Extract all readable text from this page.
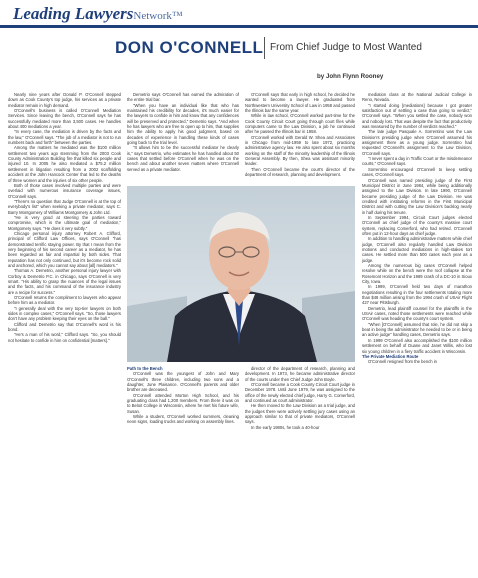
Leading LawyersNetwork™
DON O'CONNELL From Chief Judge to Most Wanted
by John Flynn Rooney

Nearly nine years after Donald P. O'Connell stepped down as Cook County's top judge, his services as a private mediator remain in high demand.

O'Connell's business is called O'Connell Mediation Services. Since leaving the bench, O'Connell says he has successfully mediated more than 3,500 cases. He handles about 400 mediations a year.

"In every case, the mediation is driven by the facts and the law," O'Connell says. "The job of a mediator is not to run numbers back and forth" between the parties.

Among the matters he mediated was the $100 million settlement two years ago stemming from the 2003 Cook County Administration Building fire that killed six people and injured 10. In 2005 he also mediated a $75.2 million settlement in litigation resulting from a 2002 scaffolding accident at the John Hancock Center that led to the deaths of three women and the injuries of six other people.

Both of those cases involved multiple parties and were overlaid with numerous insurance coverage issues, O'Connell says.

"There's no question that Judge O'Connell is at the top of everybody's list" when seeking a private mediator, says C. Barry Montgomery of Williams Montgomery & John Ltd.

"He is very good at steering the parties toward compromise, which is the ultimate goal of mediation," Montgomery says. "He does it very subtly."

Chicago personal injury attorney Robert A. Clifford, principal of Clifford Law Offices, says O'Connell "has demonstrated terrific staying power. By that I mean from the very beginning of his second career as a mediator, he has been regarded as fair and impartial by both sides. That reputation has not only continued, but it's become rock solid and anchored, which you cannot say about [all] mediators."

Thomas A. Demetrio, another personal injury lawyer with Corboy & Demetrio P.C. in Chicago, says O'Connell is very smart. "His ability to grasp the nuances of the legal issues and the facts, and his command of the insurance industry are a recipe for success."

O'Connell returns the compliment to lawyers who appear before him as a mediator.

"I generally deal with the very top-tier lawyers on both sides in complex cases," O'Connell says. "So, those lawyers don't have any problem keeping their eyes on the ball."

Clifford and Demetrio say that O'Connell's word is his bond.

"He's a man of his word," Clifford says. "So, you should not hesitate to confide in him on confidential [matters]."

Demetrio says O'Connell has earned the admiration of the entire trial bar.

"When you have an individual like that who has maintained his credibility for decades, it's much easier for the lawyers to confide in him and know that any confidences will be preserved and protected," Demetrio says. "And when he has lawyers who are free to open up to him, that supplies him the ability to apply his good judgment, based on decades of experience in handling these kinds of cases going back to the trial level.

"It allows him to be the successful mediator he clearly is," says Demetrio, who estimates he has handled about 50 cases that settled before O'Connell when he was on the bench and about another seven matters where O'Connell served as a private mediator.

O'Connell says that early in high school, he decided he wanted to become a lawyer. He graduated from Northwestern University School of Law in 1958 and passed the Illinois bar the same year.

While in law school, O'Connell worked part-time for the Cook County Circuit Court going through court files while computers came to the Law Division, a job he continued after he passed the Illinois bar in 1958.

O'Connell worked with Gerald W. Shea and Associates in Chicago from mid-1959 to late 1972, practicing administrative agency law. He also spent about six months working on the staff of the minority leadership of the Illinois General Assembly. By then, Shea was assistant minority leader.

Then O'Connell became the court's director of the department of research, planning and development.

mediation class at the National Judicial College in Reno, Nevada.

"I started doing [mediations] because I got greater satisfaction out of settling a case than going to verdict," O'Connell says. "When you settled the case, nobody won and nobody lost. That was despite the fact that productivity was measured by the number of verdicts reached."

The late judge Pasquale A. Sorrentino was the Law Division's presiding judge when O'Connell assumed his assignment there as a young judge. Sorrentino had requested O'Connell's assignment to the Law Division, O'Connell says.

"I never spent a day in Traffic Court or the misdemeanor courts," O'Connell says.

Sorrentino encouraged O'Connell to keep settling cases, O'Connell says.

O'Connell was named presiding judge of the First Municipal District in June 1984, while being additionally assigned to the Law Division. In late 1990, O'Connell became presiding judge of the Law Division. He was credited with instituting reforms in the First Municipal District and with cutting the Law Division's backlog nearly in half during his tenure.

In September 1994, Circuit Court judges elected O'Connell as chief judge of the county's massive court system, replacing Comerford, who had retired. O'Connell often put in 12-hour days as chief judge.

In addition to handling administrative matters while chief judge, O'Connell also regularly handled Law Division motions and conducted mediations in high-stakes tort cases. He settled more than 500 cases each year as a judge.

Among the numerous big cases O'Connell helped resolve while on the bench were the roof collapse at the Rosemont Horizon and the 1989 crash of a DC-10 in Sioux City, Iowa.

In 1999, O'Connell held two days of marathon negotiations resulting in the four settlements totaling more than $48 million arising from the 1994 crash of USAir Flight 427 near Pittsburgh.

Demetrio, lead plaintiff counsel for the plaintiffs in the USAir cases, noted those settlements were reached while O'Connell was heading the county's court system.

"When [O'Connell] assumed that role, he did not skip a beat in being the administrator he needed to be or in being an active judge" handling cases, Demetrio says.

In 1999 O'Connell also accomplished the $100 million settlement on behalf of Duane and Janet Willis, who lost six young children in a fiery traffic accident in Wisconsin.

The Private Mediation Route

O'Connell resigned from the bench in

Path to the Bench

O'Connell was the youngest of John and Mary O'Connell's three children, including two sons and a daughter, June Plaisance. O'Connell's parents and older brother are deceased.

O'Connell attended Morton High School, and his graduating class had 1,200 members. From there it was on to Beloit College in Wisconsin, where he met his future wife, Susan.

While a student, O'Connell worked summers, cleaning neon signs, loading trucks and working on assembly lines.

director of the department of research, planning and development. In 1973, he became administrative director of the courts under then Chief Judge John Boyle.

O'Connell became a Cook County Circuit Court judge in December 1978. Until June 1979, he was assigned to the office of the newly elected chief judge, Harry G. Comerford, and continued as court administrator.

He then moved to the Law Division as a trial judge, and the judges there were actively settling jury cases using an approach similar to that of private mediators, O'Connell says.

In the early 1980s, he took a 40-hour
